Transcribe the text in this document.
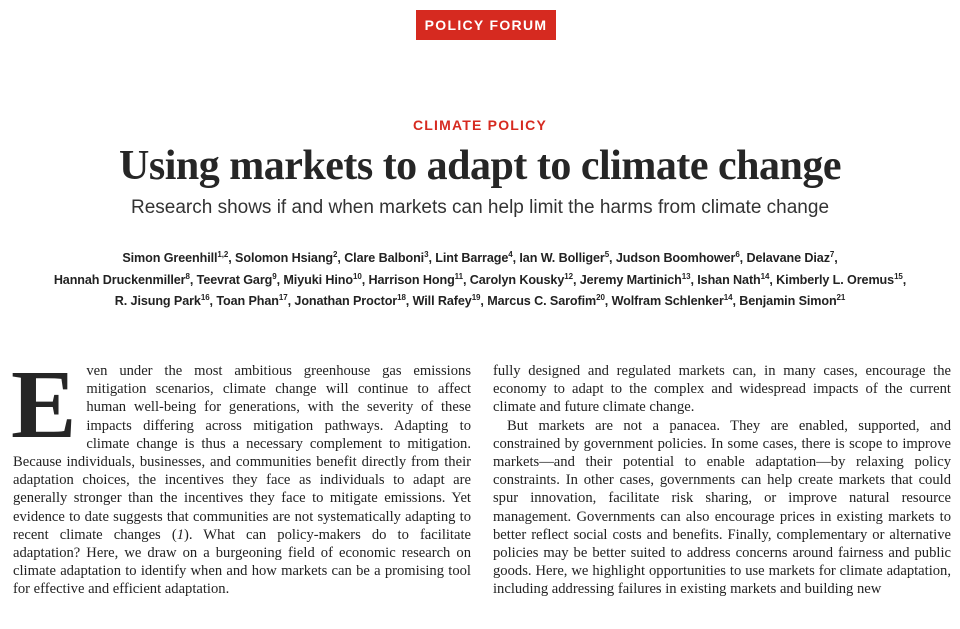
POLICY FORUM
CLIMATE POLICY
Using markets to adapt to climate change
Research shows if and when markets can help limit the harms from climate change
Simon Greenhill$^{1,2}$, Solomon Hsiang$^2$, Clare Balboni$^3$, Lint Barrage$^4$, Ian W. Bolliger$^5$, Judson Boomhower$^6$, Delavane Diaz$^7$,
Hannah Druckenmiller$^8$, Teevrat Garg$^9$, Miyuki Hino$^{10}$, Harrison Hong$^{11}$, Carolyn Kousky$^{12}$, Jeremy Martinich$^{13}$, Ishan Nath$^{14}$, Kimberly L. Oremus$^{15}$,
R. Jisung Park$^{16}$, Toan Phan$^{17}$, Jonathan Proctor$^{18}$, Will Rafey$^{19}$, Marcus C. Sarofim$^{20}$, Wolfram Schlenker$^{14}$, Benjamin Simon$^{21}$

Even under the most ambitious greenhouse gas emissions mitigation scenarios, climate change will continue to affect human well-being for generations, with the severity of these impacts differing across mitigation pathways. Adapting to climate change is thus a necessary complement to mitigation. Because individuals, businesses, and communities benefit directly from their adaptation choices, the incentives they face as individuals to adapt are generally stronger than the incentives they face to mitigate emissions. Yet evidence to date suggests that communities are not systematically adapting to recent climate changes (1). What can policy-makers do to facilitate adaptation? Here, we draw on a burgeoning field of economic research on climate adaptation to identify when and how markets can be a promising tool for effective and efficient adaptation.

fully designed and regulated markets can, in many cases, encourage the economy to adapt to the complex and widespread impacts of the current climate and future climate change.

But markets are not a panacea. They are enabled, supported, and constrained by government policies. In some cases, there is scope to improve markets—and their potential to enable adaptation—by relaxing policy constraints. In other cases, governments can help create markets that could spur innovation, facilitate risk sharing, or improve natural resource management. Governments can also encourage prices in existing markets to better reflect social costs and benefits. Finally, complementary or alternative policies may be better suited to address concerns around fairness and public goods. Here, we highlight opportunities to use markets for climate adaptation, including addressing failures in existing markets and building new
